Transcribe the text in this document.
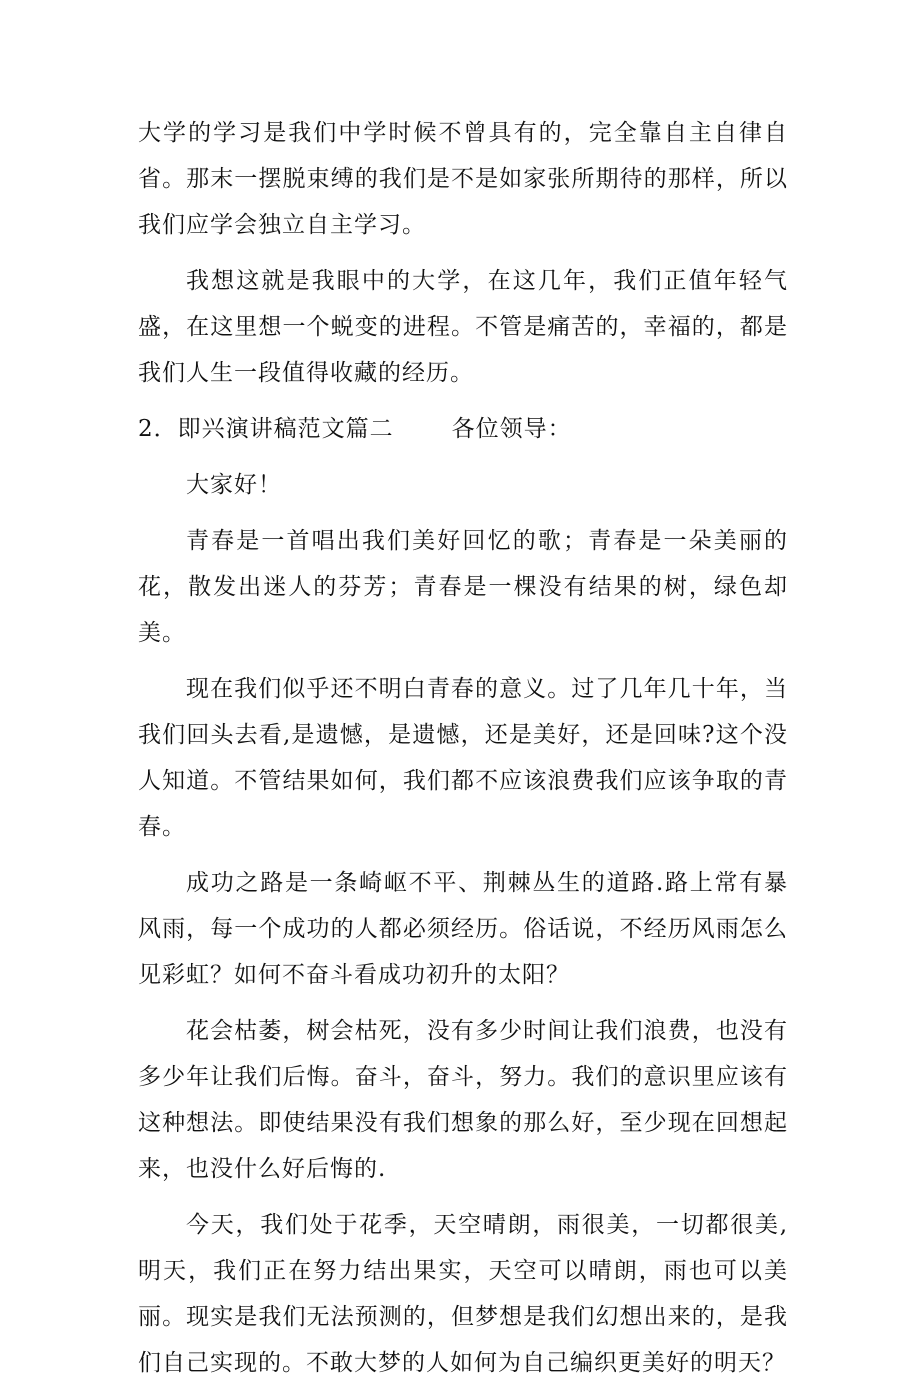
大学的学习是我们中学时候不曾具有的，完全靠自主自律自省。那末一摆脱束缚的我们是不是如家张所期待的那样，所以我们应学会独立自主学习。

我想这就是我眼中的大学，在这几年，我们正值年轻气盛，在这里想一个蜕变的进程。不管是痛苦的，幸福的，都是我们人生一段值得收藏的经历。

2．即兴演讲稿范文篇二	各位领导：

大家好！

青春是一首唱出我们美好回忆的歌；青春是一朵美丽的花，散发出迷人的芬芳；青春是一棵没有结果的树，绿色却美。

现在我们似乎还不明白青春的意义。过了几年几十年，当我们回头去看,是遗憾，是遗憾，还是美好，还是回味?这个没人知道。不管结果如何，我们都不应该浪费我们应该争取的青春。

成功之路是一条崎岖不平、荆棘丛生的道路.路上常有暴风雨，每一个成功的人都必须经历。俗话说，不经历风雨怎么见彩虹？如何不奋斗看成功初升的太阳？

花会枯萎，树会枯死，没有多少时间让我们浪费，也没有多少年让我们后悔。奋斗，奋斗，努力。我们的意识里应该有这种想法。即使结果没有我们想象的那么好，至少现在回想起来，也没什么好后悔的.

今天，我们处于花季，天空晴朗，雨很美，一切都很美,明天，我们正在努力结出果实，天空可以晴朗，雨也可以美丽。现实是我们无法预测的，但梦想是我们幻想出来的，是我们自己实现的。不敢大梦的人如何为自己编织更美好的明天？
